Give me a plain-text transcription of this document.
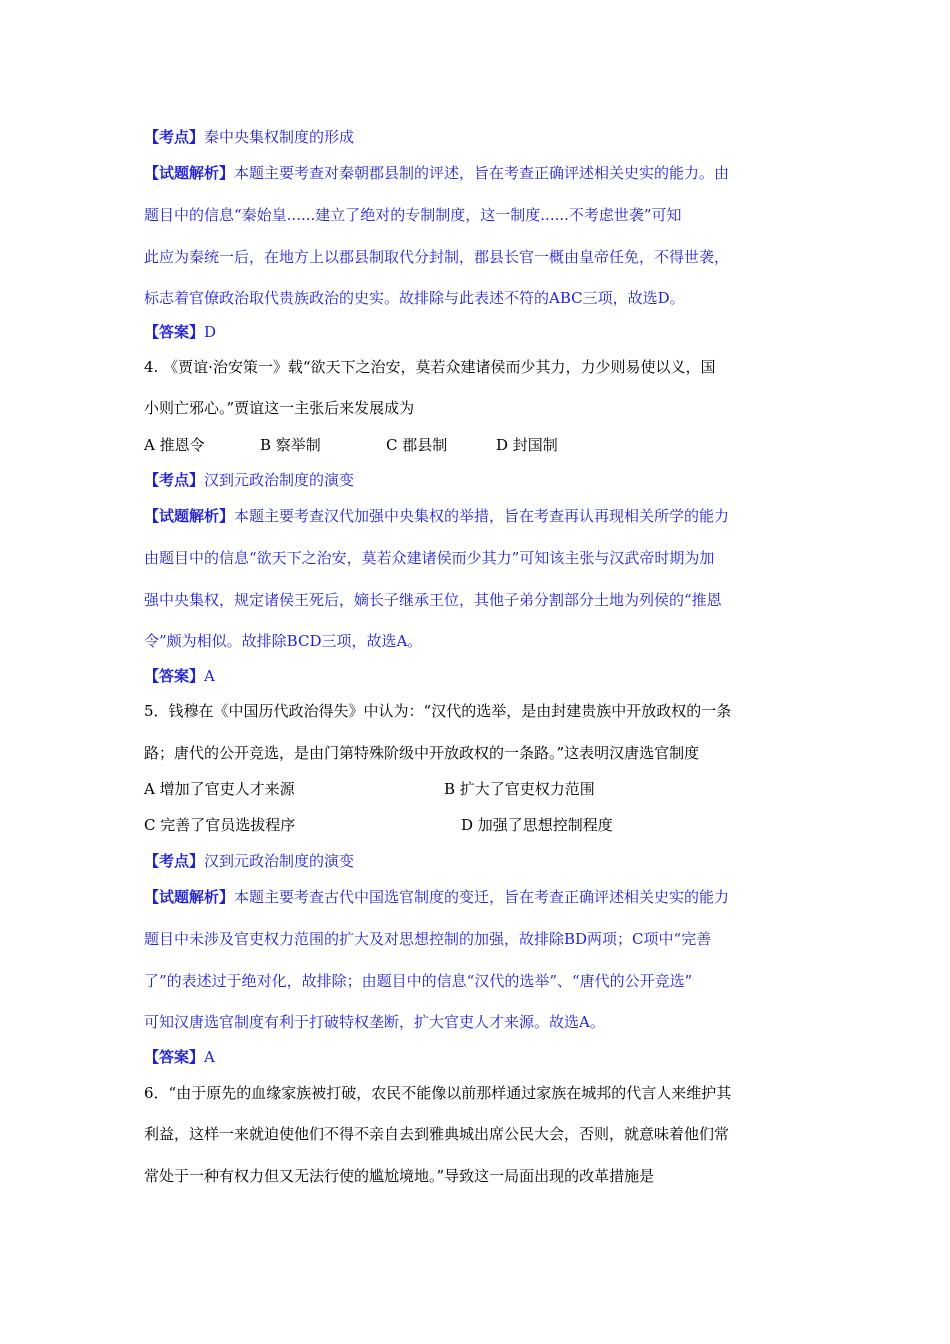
【考点】秦中央集权制度的形成
【试题解析】本题主要考查对秦朝郡县制的评述，旨在考查正确评述相关史实的能力。由
题目中的信息“秦始皇......建立了绝对的专制制度，这一制度......不考虑世袭”可知
此应为秦统一后，在地方上以郡县制取代分封制，郡县长官一概由皇帝任免，不得世袭，
标志着官僚政治取代贵族政治的史实。故排除与此表述不符的ABC三项，故选D。
【答案】D
4. 《贾谊·治安策一》载“欲天下之治安，莫若众建诸侯而少其力，力少则易使以义，国
小则亡邪心。”贾谊这一主张后来发展成为
A 推恩令	B 察举制	C 郡县制	D 封国制
【考点】汉到元政治制度的演变
【试题解析】本题主要考查汉代加强中央集权的举措，旨在考查再认再现相关所学的能力
由题目中的信息“欲天下之治安，莫若众建诸侯而少其力”可知该主张与汉武帝时期为加
强中央集权，规定诸侯王死后，嫡长子继承王位，其他子弟分割部分土地为列侯的“推恩
令”颇为相似。故排除BCD三项，故选A。
【答案】A
5．钱穆在《中国历代政治得失》中认为：“汉代的选举，是由封建贵族中开放政权的一条
路；唐代的公开竞选，是由门第特殊阶级中开放政权的一条路。”这表明汉唐选官制度
A 增加了官吏人才来源	B 扩大了官吏权力范围
C 完善了官员选拔程序	D 加强了思想控制程度
【考点】汉到元政治制度的演变
【试题解析】本题主要考查古代中国选官制度的变迁，旨在考查正确评述相关史实的能力
题目中未涉及官吏权力范围的扩大及对思想控制的加强，故排除BD两项；C项中“完善
了”的表述过于绝对化，故排除；由题目中的信息“汉代的选举”、“唐代的公开竞选”
可知汉唐选官制度有利于打破特权垄断，扩大官吏人才来源。故选A。
【答案】A
6．“由于原先的血缘家族被打破，农民不能像以前那样通过家族在城邦的代言人来维护其
利益，这样一来就迫使他们不得不亲自去到雅典城出席公民大会，否则，就意味着他们常
常处于一种有权力但又无法行使的尴尬境地。”导致这一局面出现的改革措施是
